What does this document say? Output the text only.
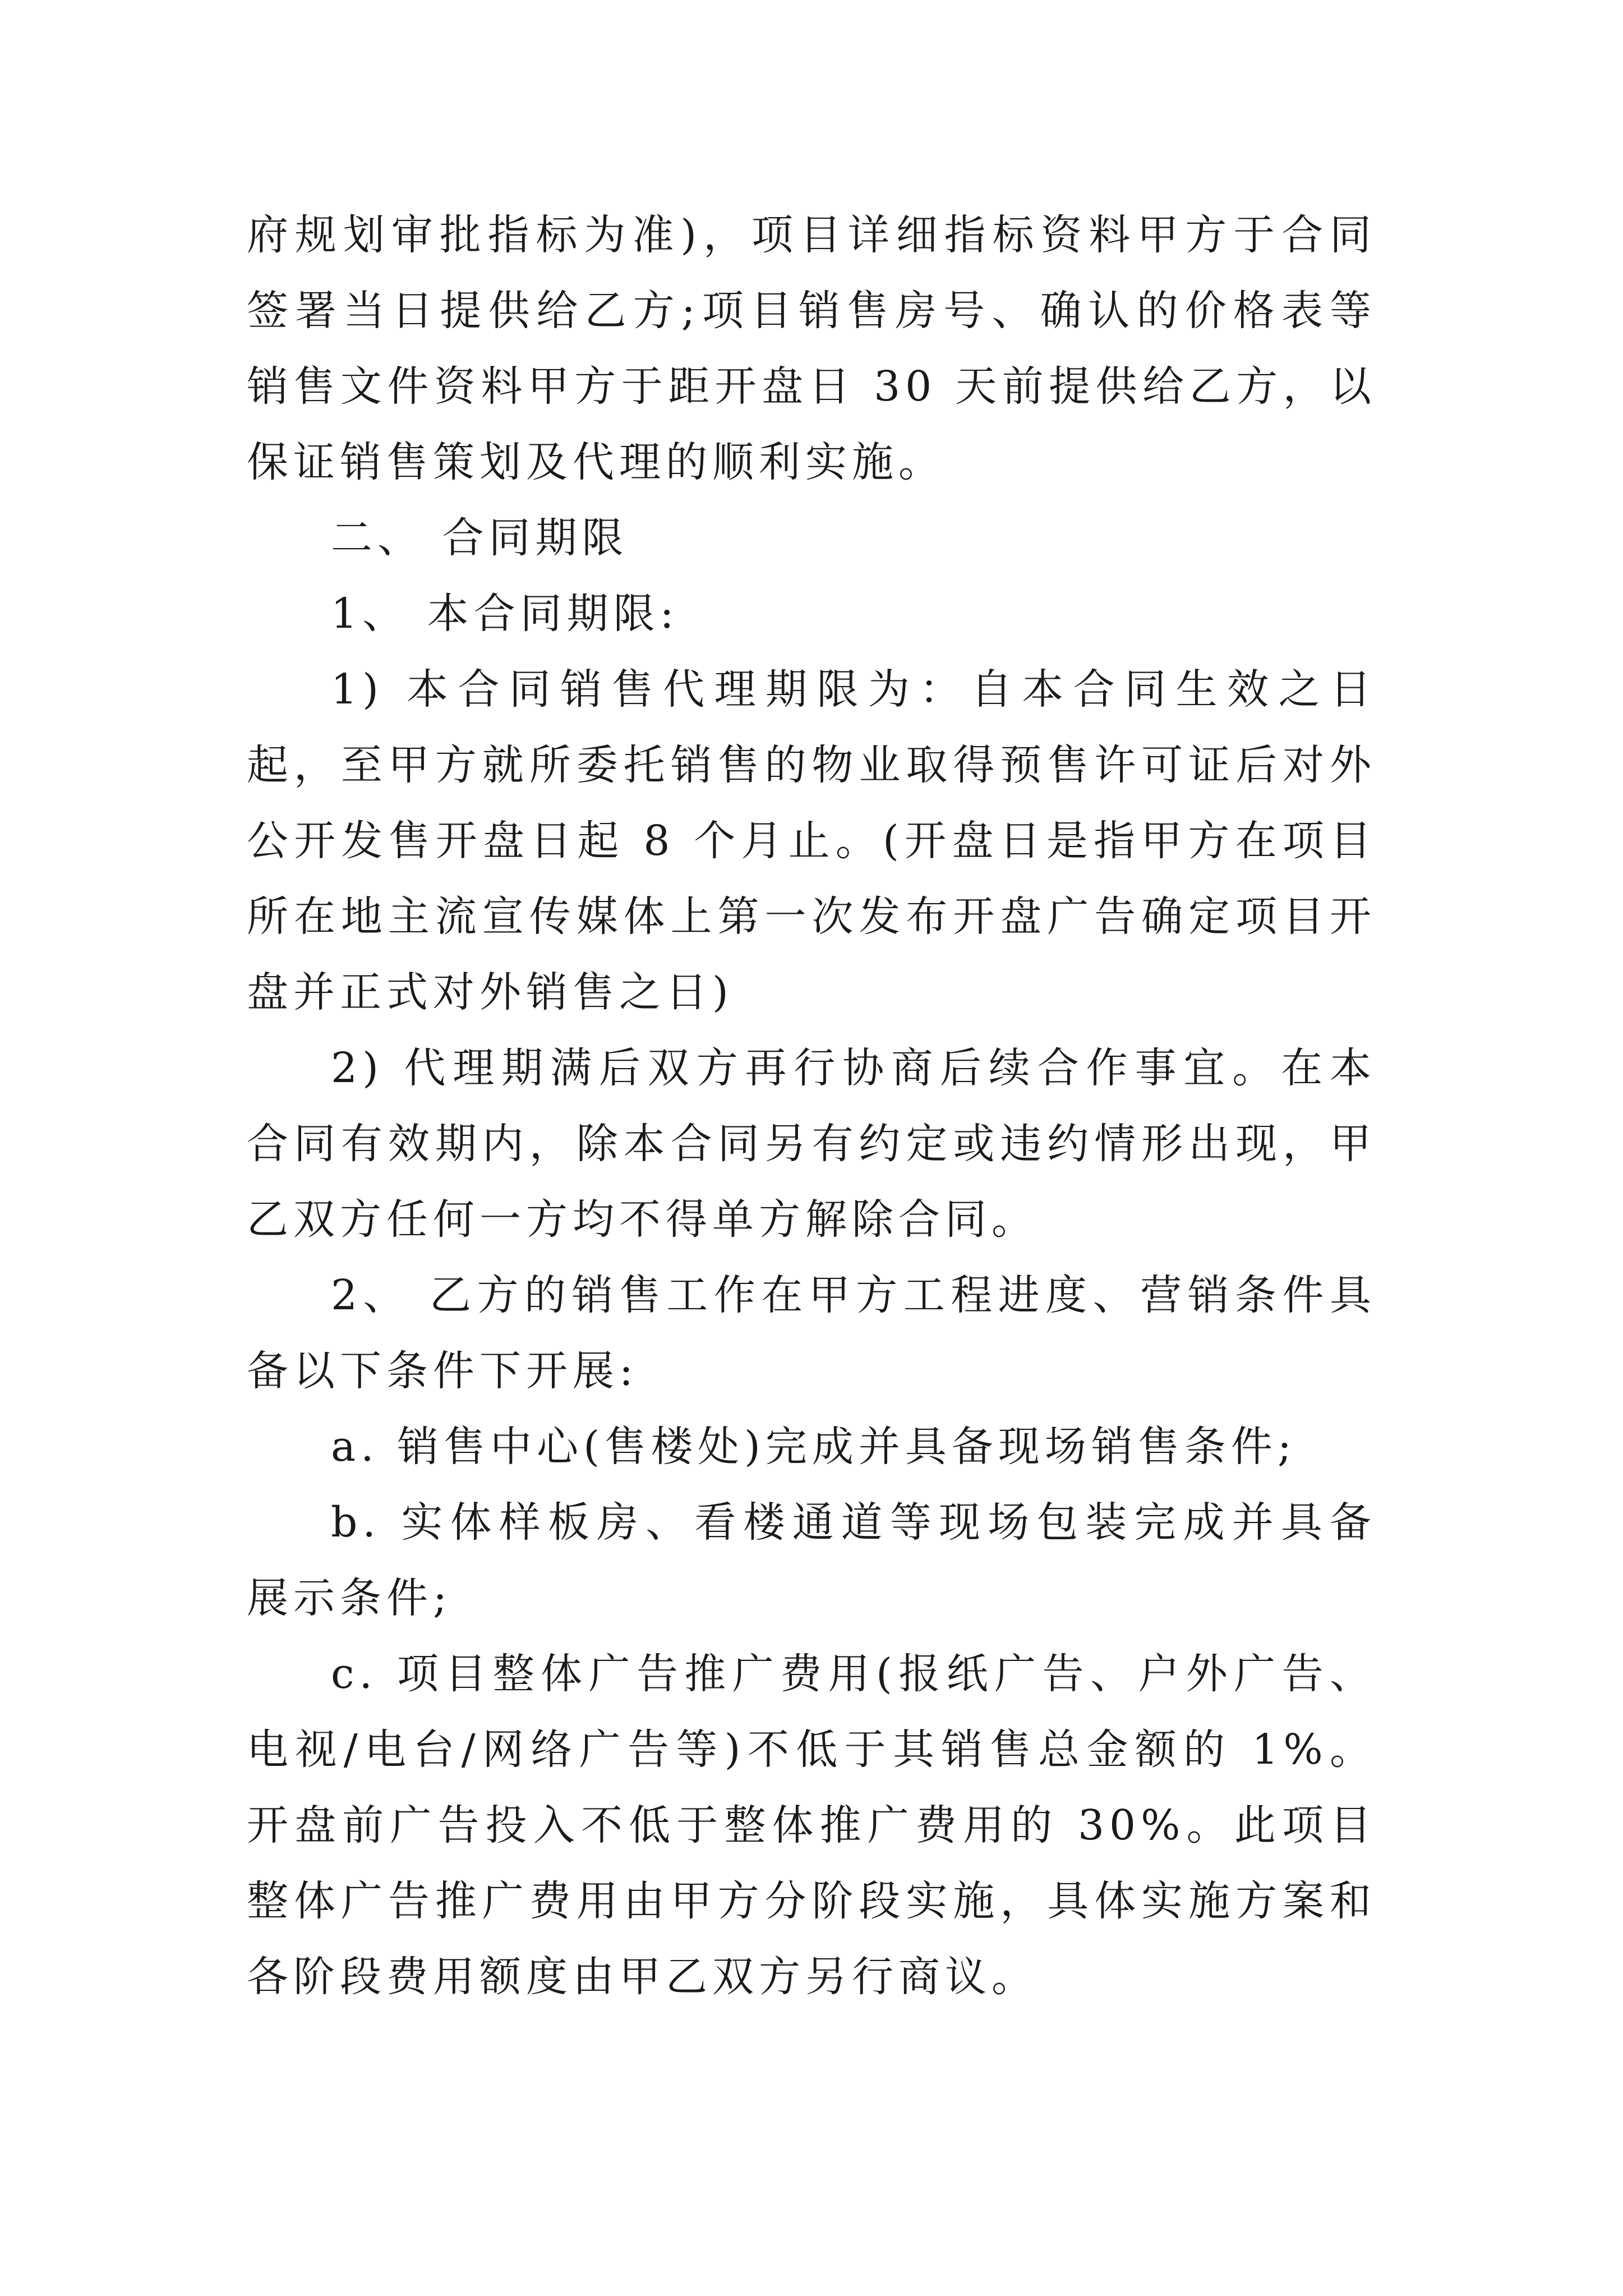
府规划审批指标为准)，项目详细指标资料甲方于合同签署当日提供给乙方;项目销售房号、确认的价格表等销售文件资料甲方于距开盘日 30 天前提供给乙方，以保证销售策划及代理的顺利实施。

二、 合同期限

1、 本合同期限:

1) 本合同销售代理期限为：自本合同生效之日起，至甲方就所委托销售的物业取得预售许可证后对外公开发售开盘日起 8 个月止。(开盘日是指甲方在项目所在地主流宣传媒体上第一次发布开盘广告确定项目开盘并正式对外销售之日)

2) 代理期满后双方再行协商后续合作事宜。在本合同有效期内，除本合同另有约定或违约情形出现，甲乙双方任何一方均不得单方解除合同。

2、 乙方的销售工作在甲方工程进度、营销条件具备以下条件下开展:

a. 销售中心(售楼处)完成并具备现场销售条件;

b. 实体样板房、看楼通道等现场包装完成并具备展示条件;

c. 项目整体广告推广费用(报纸广告、户外广告、电视/电台/网络广告等)不低于其销售总金额的 1%。开盘前广告投入不低于整体推广费用的 30%。此项目整体广告推广费用由甲方分阶段实施，具体实施方案和各阶段费用额度由甲乙双方另行商议。
